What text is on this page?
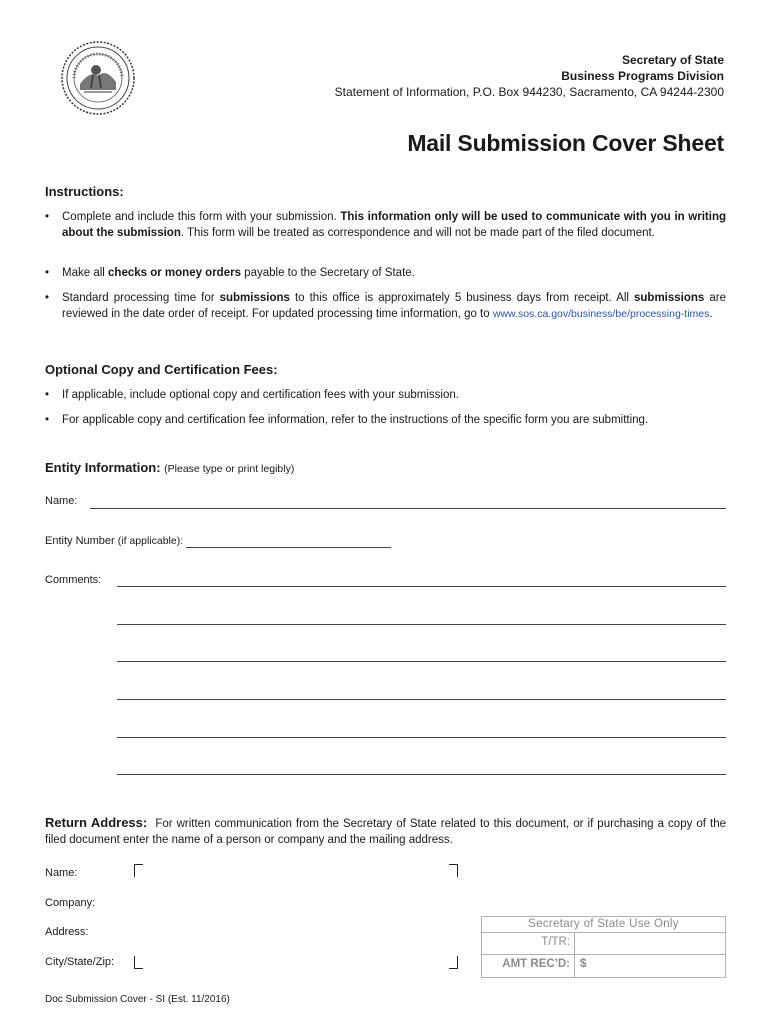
Secretary of State
Business Programs Division
Statement of Information, P.O. Box 944230, Sacramento, CA 94244-2300
Mail Submission Cover Sheet
Instructions:
• Complete and include this form with your submission. This information only will be used to communicate with you in writing about the submission. This form will be treated as correspondence and will not be made part of the filed document.
• Make all checks or money orders payable to the Secretary of State.
• Standard processing time for submissions to this office is approximately 5 business days from receipt. All submissions are reviewed in the date order of receipt. For updated processing time information, go to www.sos.ca.gov/business/be/processing-times.
Optional Copy and Certification Fees:
• If applicable, include optional copy and certification fees with your submission.
• For applicable copy and certification fee information, refer to the instructions of the specific form you are submitting.
Entity Information: (Please type or print legibly)
Name:
Entity Number (if applicable):
Comments:
Return Address: For written communication from the Secretary of State related to this document, or if purchasing a copy of the filed document enter the name of a person or company and the mailing address.
Name:
Company:
Address:
City/State/Zip:
Secretary of State Use Only
T/TR:
AMT REC’D: $
Doc Submission Cover - SI (Est. 11/2016)
